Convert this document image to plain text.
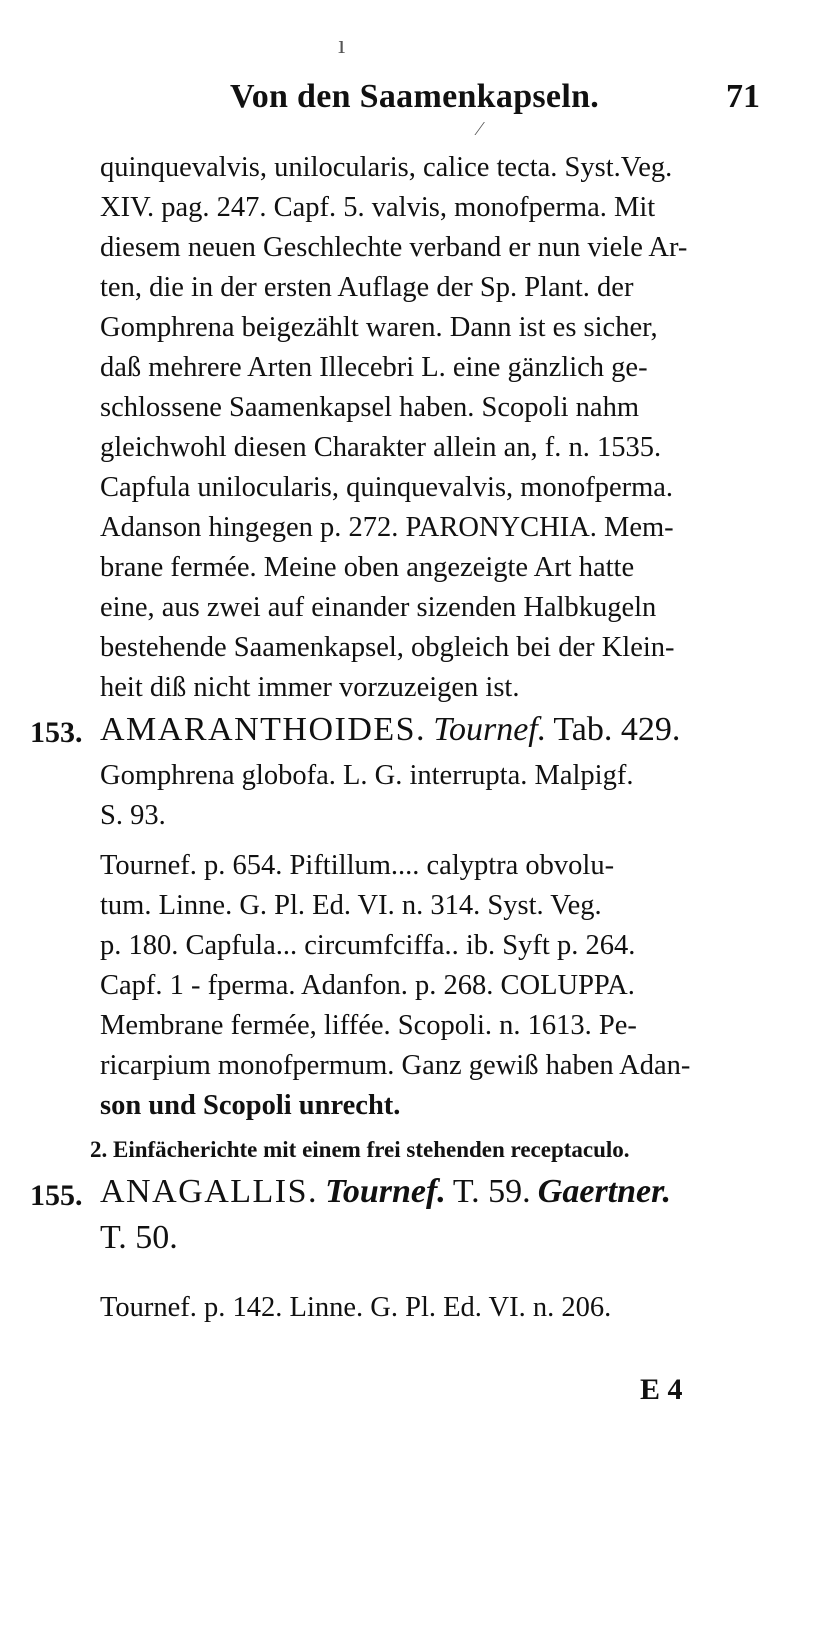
ı
Von den Saamenkapseln.	71
⁄
quinquevalvis, unilocularis, calice tecta. Syst.Veg.
XIV. pag. 247. Capf. 5. valvis, monofperma. Mit
diesem neuen Geschlechte verband er nun viele Ar-
ten, die in der ersten Auflage der Sp. Plant. der
Gomphrena beigezählt waren. Dann ist es sicher,
daß mehrere Arten Illecebri L. eine gänzlich ge-
schlossene Saamenkapsel haben. Scopoli nahm
gleichwohl diesen Charakter allein an, f. n. 1535.
Capfula unilocularis, quinquevalvis, monofperma.
Adanson hingegen p. 272. PARONYCHIA. Mem-
brane fermée. Meine oben angezeigte Art hatte
eine, aus zwei auf einander sizenden Halbkugeln
bestehende Saamenkapsel, obgleich bei der Klein-
heit diß nicht immer vorzuzeigen ist.
153. AMARANTHOIDES. Tournef. Tab. 429.
Gomphrena globofa. L. G. interrupta. Malpigf.
S. 93.
Tournef. p. 654. Piftillum.... calyptra obvolu-
tum. Linne. G. Pl. Ed. VI. n. 314. Syst. Veg.
p. 180. Capfula... circumfciffa.. ib. Syft p. 264.
Capf. 1 - fperma. Adanfon. p. 268. COLUPPA.
Membrane fermée, liffée. Scopoli. n. 1613. Pe-
ricarpium monofpermum. Ganz gewiß haben Adan-
son und Scopoli unrecht.
2. Einfächerichte mit einem frei stehenden receptaculo.
155. ANAGALLIS. Tournef. T. 59. Gaertner.
T. 50.
Tournef. p. 142. Linne. G. Pl. Ed. VI. n. 206.
E 4
